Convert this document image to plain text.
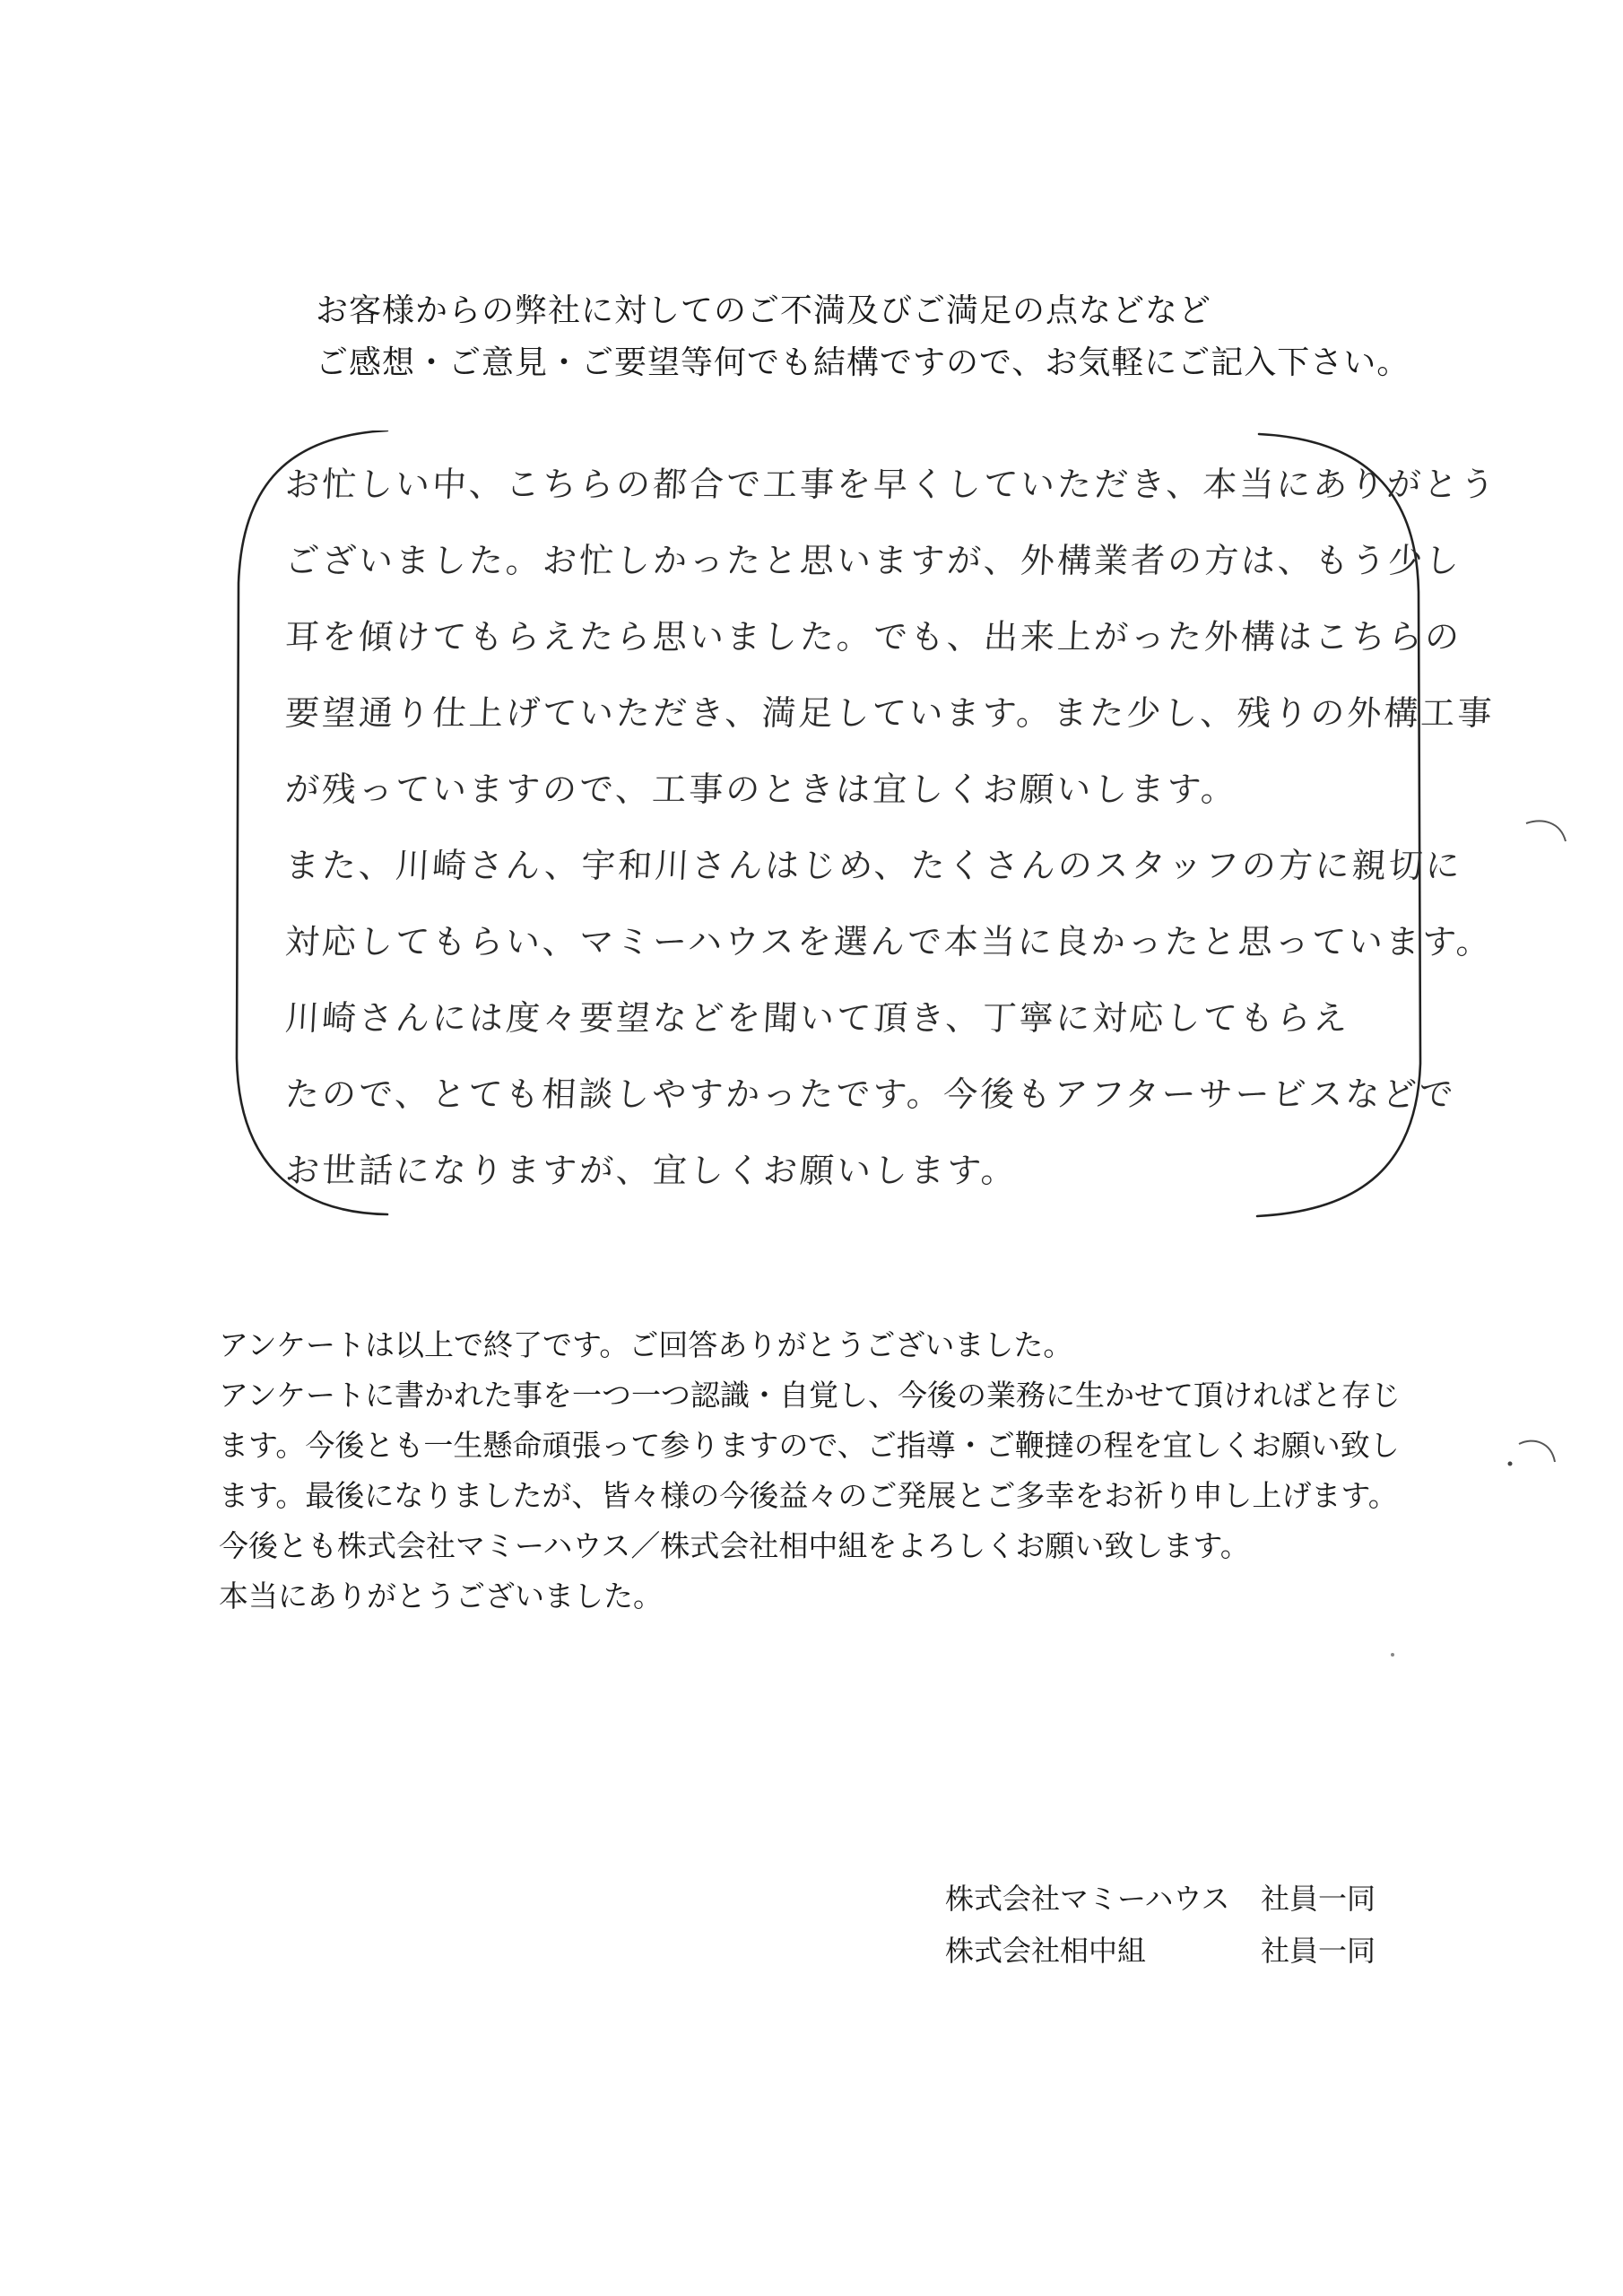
お客様からの弊社に対してのご不満及びご満足の点などなど
ご感想・ご意見・ご要望等何でも結構ですので、お気軽にご記入下さい。
お忙しい中、こちらの都合で工事を早くしていただき、本当にありがとう
ございました。お忙しかったと思いますが、外構業者の方は、もう少し
耳を傾けてもらえたら思いました。でも、出来上がった外構はこちらの
要望通り仕上げていただき、満足しています。また少し、残りの外構工事
が残っていますので、工事のときは宜しくお願いします。
また、川崎さん、宇和川さんはじめ、たくさんのスタッフの方に親切に
対応してもらい、マミーハウスを選んで本当に良かったと思っています。
川崎さんには度々要望などを聞いて頂き、丁寧に対応してもらえ
たので、とても相談しやすかったです。今後もアフターサービスなどで
お世話になりますが、宜しくお願いします。
アンケートは以上で終了です。ご回答ありがとうございました。
アンケートに書かれた事を一つ一つ認識・自覚し、今後の業務に生かせて頂ければと存じ
ます。今後とも一生懸命頑張って参りますので、ご指導・ご鞭撻の程を宜しくお願い致し
ます。最後になりましたが、皆々様の今後益々のご発展とご多幸をお祈り申し上げます。
今後とも株式会社マミーハウス／株式会社相中組をよろしくお願い致します。
本当にありがとうございました。
株式会社マミーハウス	社員一同
株式会社相中組	社員一同
